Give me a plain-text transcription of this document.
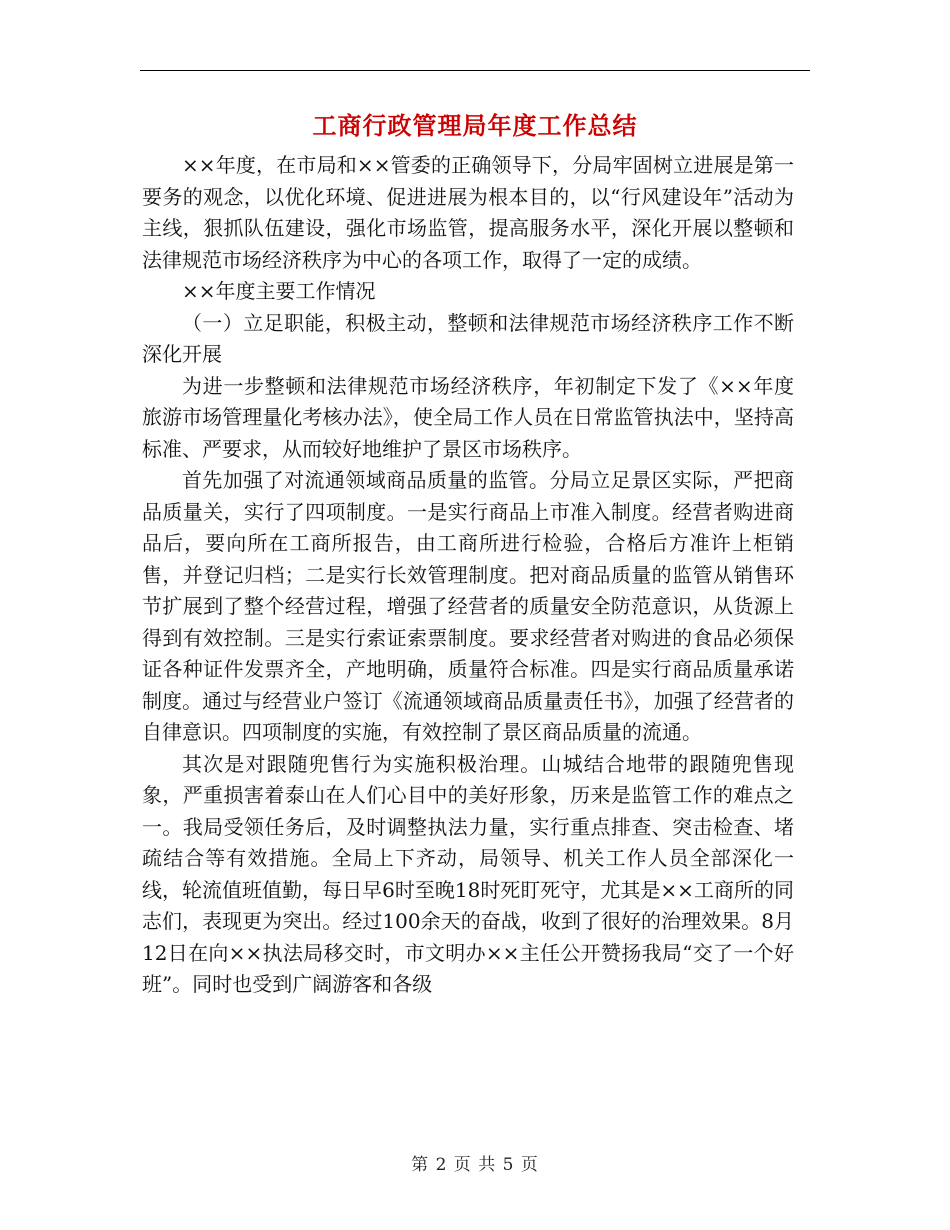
工商行政管理局年度工作总结

××年度，在市局和××管委的正确领导下，分局牢固树立进展是第一要务的观念，以优化环境、促进进展为根本目的，以“行风建设年”活动为主线，狠抓队伍建设，强化市场监管，提高服务水平，深化开展以整顿和法律规范市场经济秩序为中心的各项工作，取得了一定的成绩。

××年度主要工作情况

（一）立足职能，积极主动，整顿和法律规范市场经济秩序工作不断深化开展

为进一步整顿和法律规范市场经济秩序，年初制定下发了《××年度旅游市场管理量化考核办法》，使全局工作人员在日常监管执法中，坚持高标准、严要求，从而较好地维护了景区市场秩序。

首先加强了对流通领域商品质量的监管。分局立足景区实际，严把商品质量关，实行了四项制度。一是实行商品上市准入制度。经营者购进商品后，要向所在工商所报告，由工商所进行检验，合格后方准许上柜销售，并登记归档；二是实行长效管理制度。把对商品质量的监管从销售环节扩展到了整个经营过程，增强了经营者的质量安全防范意识，从货源上得到有效控制。三是实行索证索票制度。要求经营者对购进的食品必须保证各种证件发票齐全，产地明确，质量符合标准。四是实行商品质量承诺制度。通过与经营业户签订《流通领域商品质量责任书》，加强了经营者的自律意识。四项制度的实施，有效控制了景区商品质量的流通。

其次是对跟随兜售行为实施积极治理。山城结合地带的跟随兜售现象，严重损害着泰山在人们心目中的美好形象，历来是监管工作的难点之一。我局受领任务后，及时调整执法力量，实行重点排查、突击检查、堵疏结合等有效措施。全局上下齐动，局领导、机关工作人员全部深化一线，轮流值班值勤，每日早6时至晚18时死盯死守，尤其是××工商所的同志们，表现更为突出。经过100余天的奋战，收到了很好的治理效果。8月12日在向××执法局移交时，市文明办××主任公开赞扬我局“交了一个好班”。同时也受到广阔游客和各级

第 2 页 共 5 页
